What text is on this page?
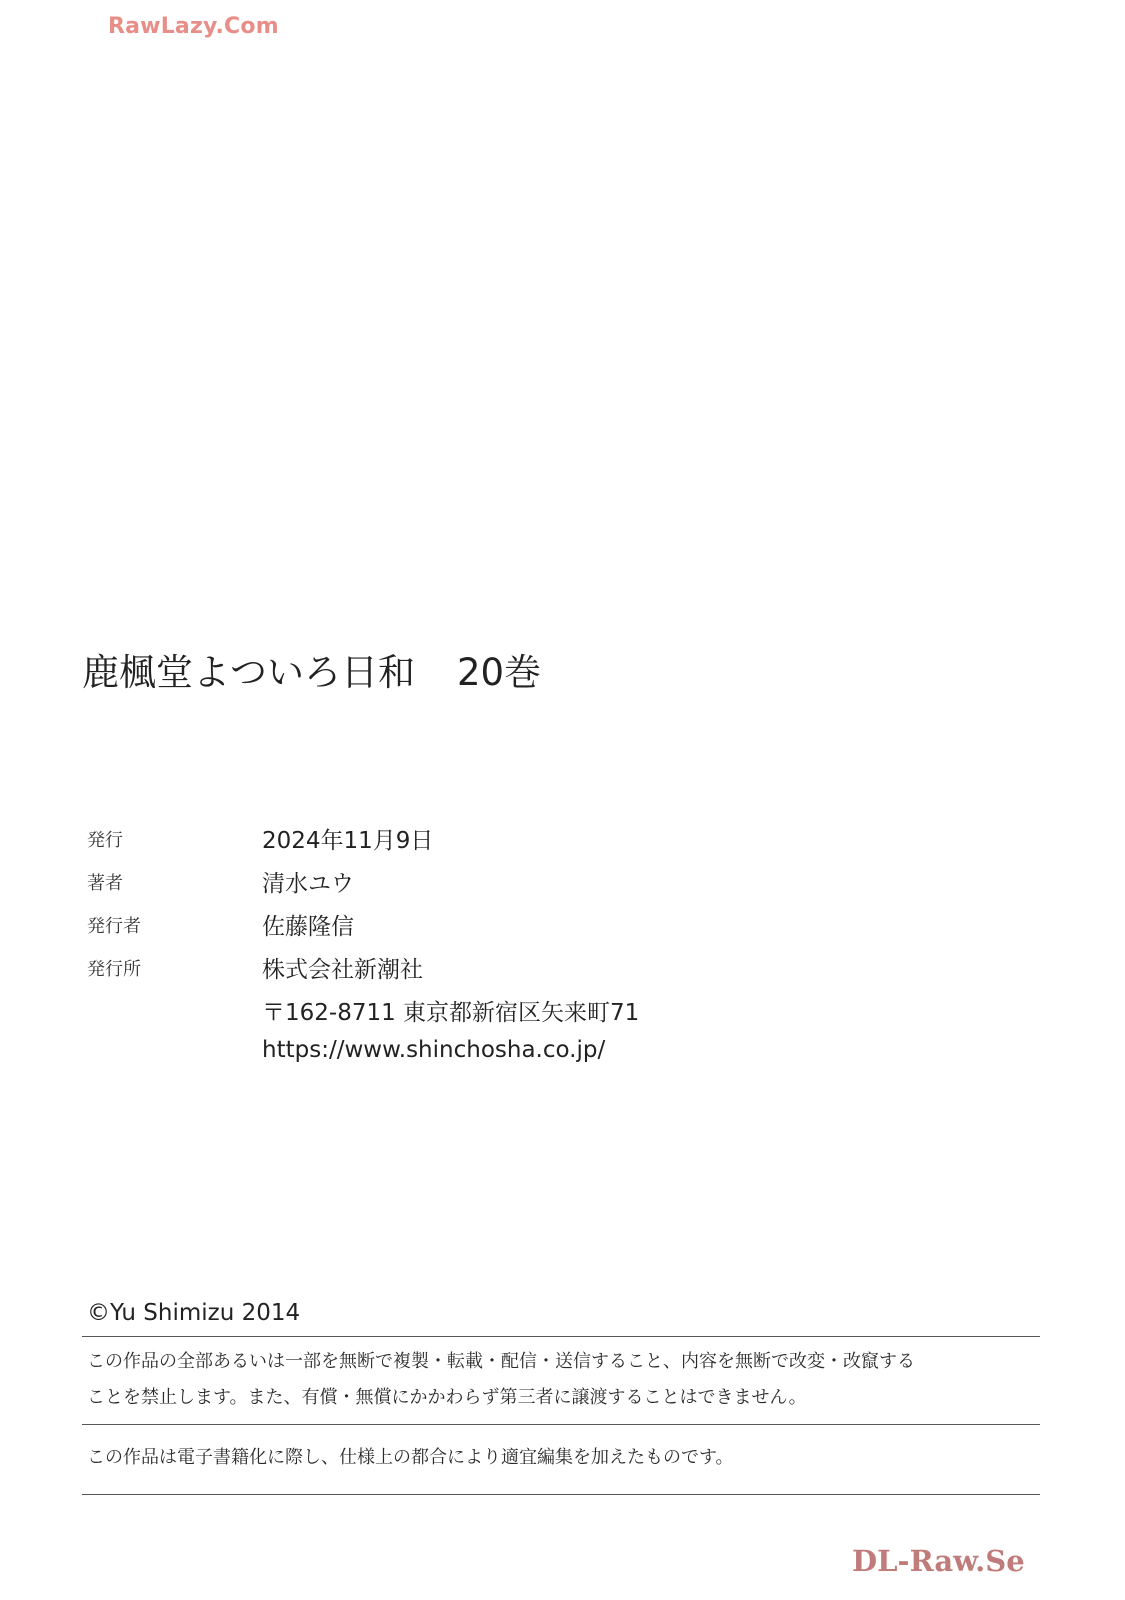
RawLazy.Com
鹿楓堂よついろ日和 20巻
発行	2024年11月9日
著者	清水ユウ
発行者	佐藤隆信
発行所	株式会社新潮社
〒162-8711 東京都新宿区矢来町71
https://www.shinchosha.co.jp/
©Yu Shimizu 2014
この作品の全部あるいは一部を無断で複製・転載・配信・送信すること、内容を無断で改変・改竄する
ことを禁止します。また、有償・無償にかかわらず第三者に譲渡することはできません。
この作品は電子書籍化に際し、仕様上の都合により適宜編集を加えたものです。
DL-Raw.Se
